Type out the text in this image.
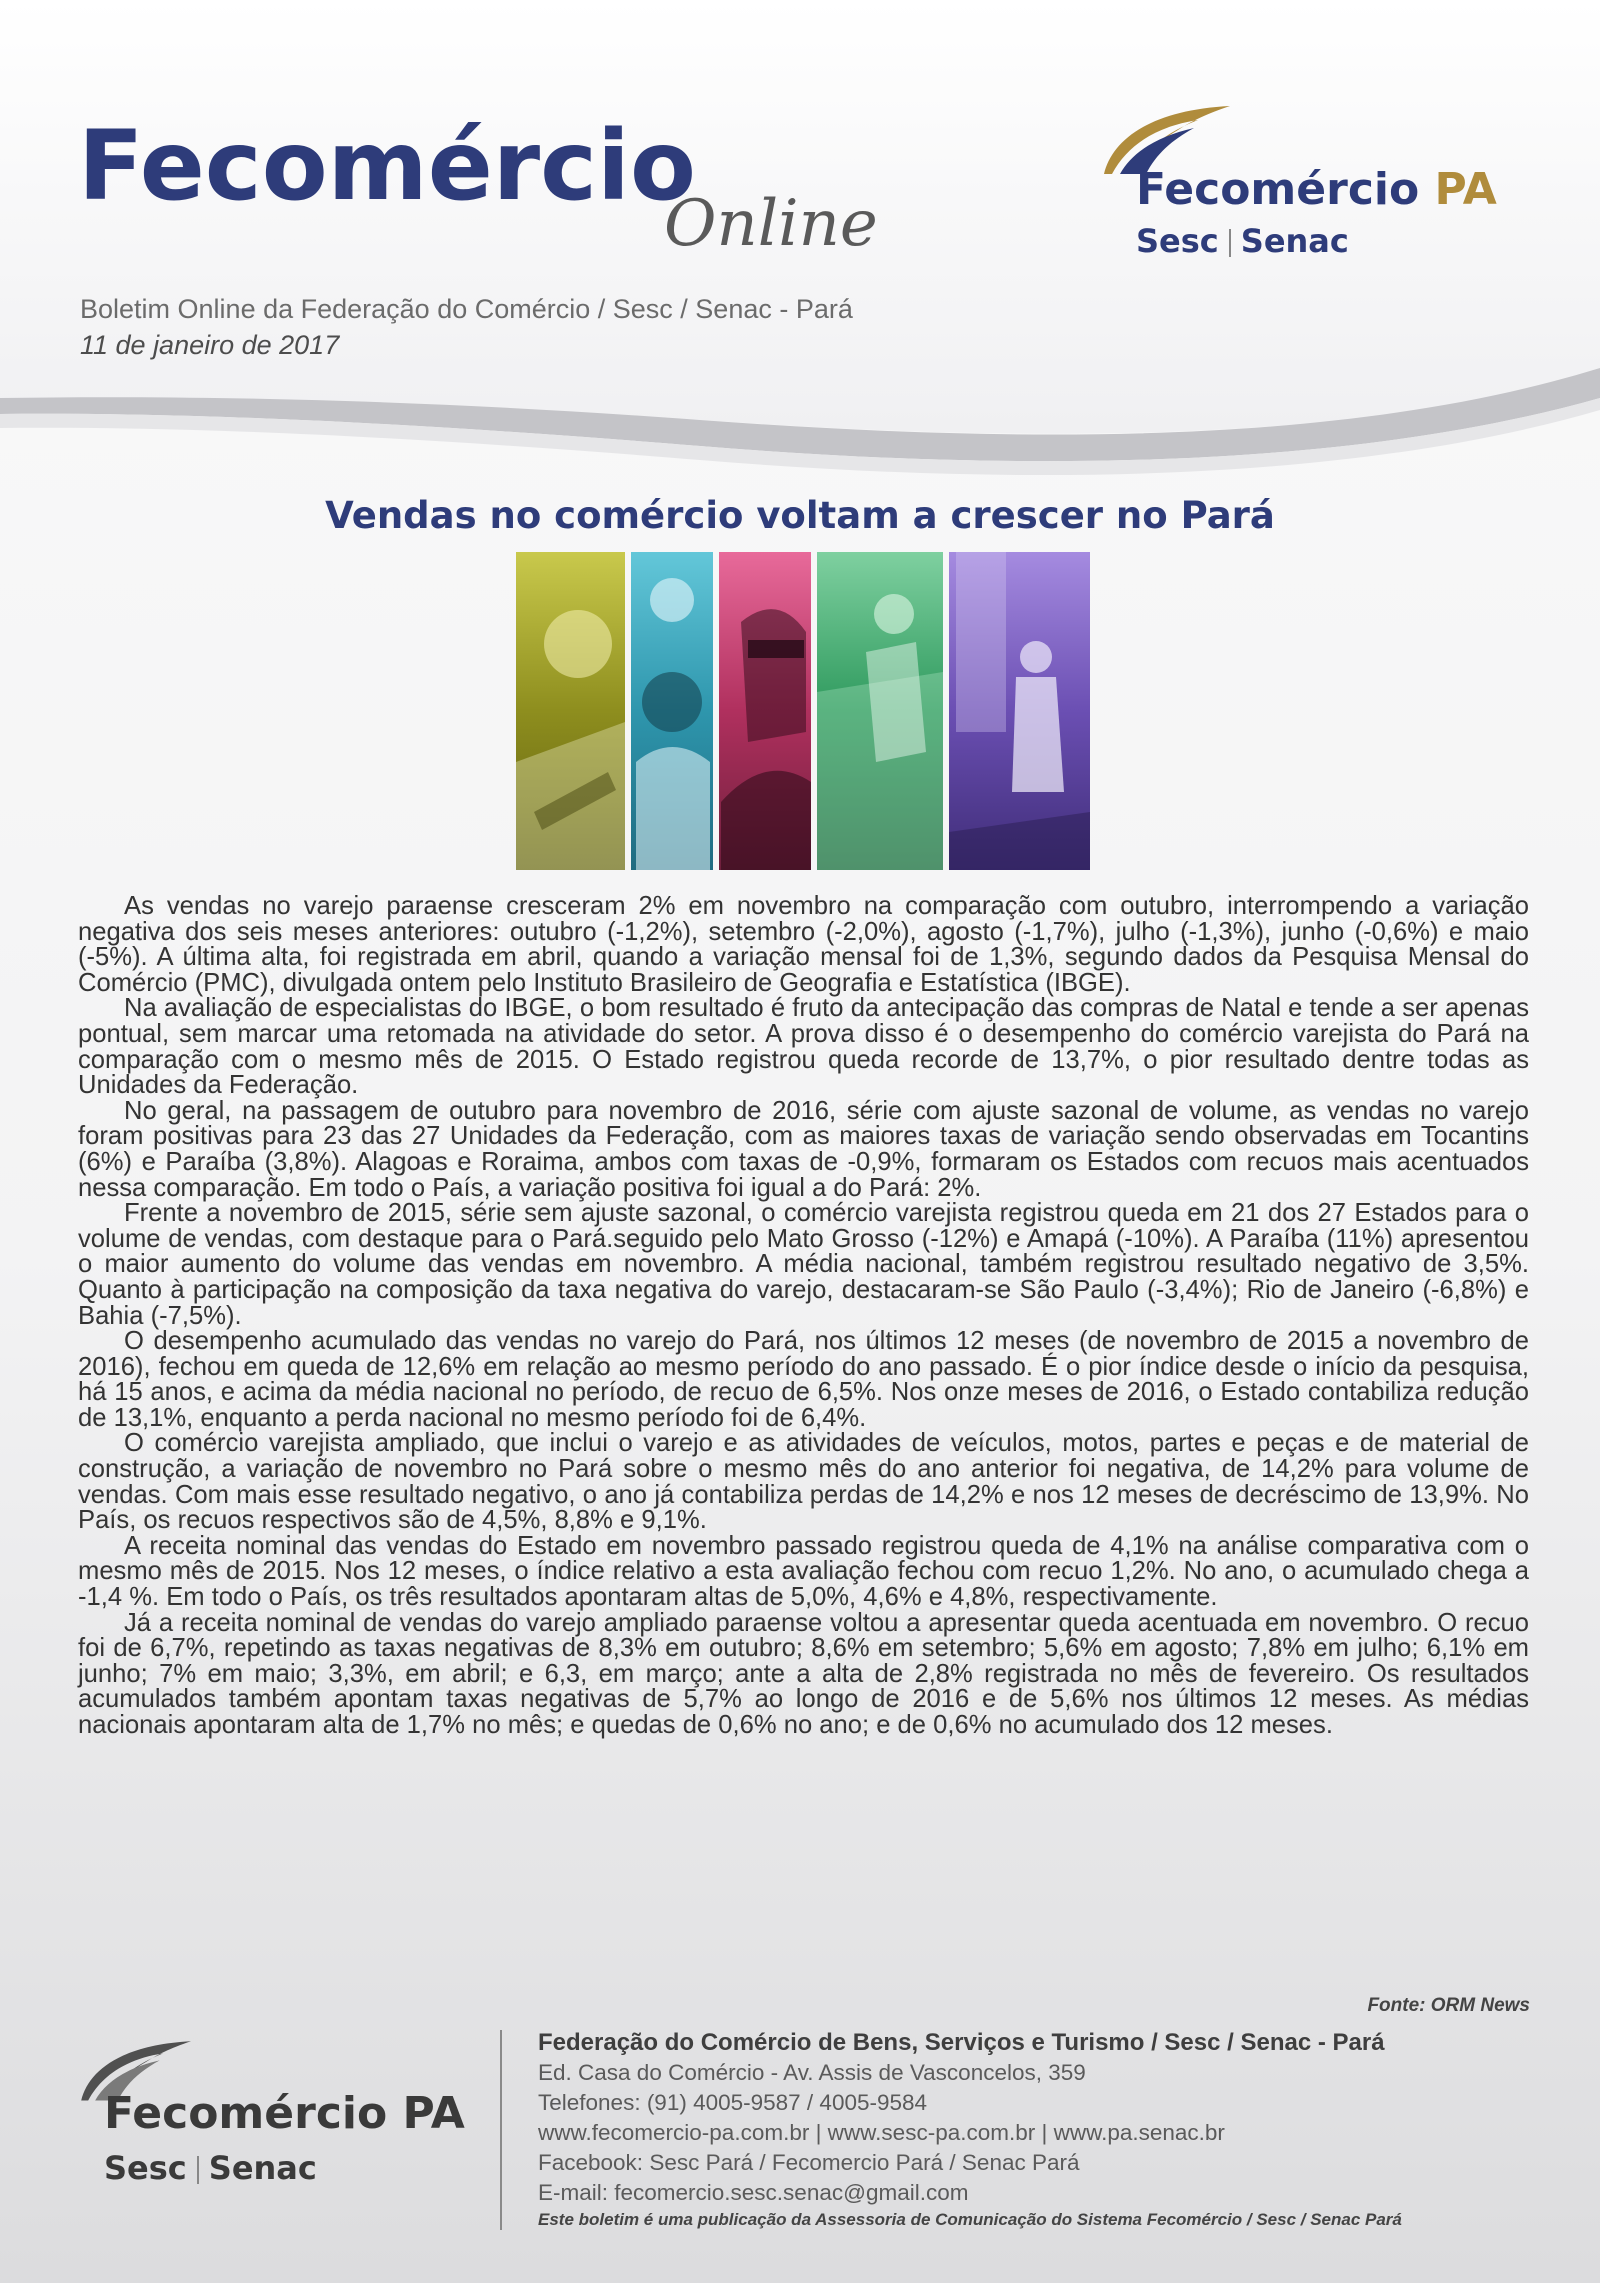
Fecomércio
Online
Boletim Online da Federação do Comércio / Sesc / Senac - Pará
11 de janeiro de 2017
Fecomércio PA
Sesc Senac
Vendas no comércio voltam a crescer no Pará

As vendas no varejo paraense cresceram 2% em novembro na comparação com outubro, interrompendo a variação negativa dos seis meses anteriores: outubro (-1,2%), setembro (-2,0%), agosto (-1,7%), julho (-1,3%), junho (-0,6%) e maio (-5%). A última alta, foi registrada em abril, quando a variação mensal foi de 1,3%, segundo dados da Pesquisa Mensal do Comércio (PMC), divulgada ontem pelo Instituto Brasileiro de Geografia e Estatística (IBGE).

Na avaliação de especialistas do IBGE, o bom resultado é fruto da antecipação das compras de Natal e tende a ser apenas pontual, sem marcar uma retomada na atividade do setor. A prova disso é o desempenho do comércio varejista do Pará na comparação com o mesmo mês de 2015. O Estado registrou queda recorde de 13,7%, o pior resultado dentre todas as Unidades da Federação.

No geral, na passagem de outubro para novembro de 2016, série com ajuste sazonal de volume, as vendas no varejo foram positivas para 23 das 27 Unidades da Federação, com as maiores taxas de variação sendo observadas em Tocantins (6%) e Paraíba (3,8%). Alagoas e Roraima, ambos com taxas de -0,9%, formaram os Estados com recuos mais acentuados nessa comparação. Em todo o País, a variação positiva foi igual a do Pará: 2%.

Frente a novembro de 2015, série sem ajuste sazonal, o comércio varejista registrou queda em 21 dos 27 Estados para o volume de vendas, com destaque para o Pará.seguido pelo Mato Grosso (-12%) e Amapá (-10%). A Paraíba (11%) apresentou o maior aumento do volume das vendas em novembro. A média nacional, também registrou resultado negativo de 3,5%. Quanto à participação na composição da taxa negativa do varejo, destacaram-se São Paulo (-3,4%); Rio de Janeiro (-6,8%) e Bahia (-7,5%).

O desempenho acumulado das vendas no varejo do Pará, nos últimos 12 meses (de novembro de 2015 a novembro de 2016), fechou em queda de 12,6% em relação ao mesmo período do ano passado. É o pior índice desde o início da pesquisa, há 15 anos, e acima da média nacional no período, de recuo de 6,5%. Nos onze meses de 2016, o Estado contabiliza redução de 13,1%, enquanto a perda nacional no mesmo período foi de 6,4%.

O comércio varejista ampliado, que inclui o varejo e as atividades de veículos, motos, partes e peças e de material de construção, a variação de novembro no Pará sobre o mesmo mês do ano anterior foi negativa, de 14,2% para volume de vendas. Com mais esse resultado negativo, o ano já contabiliza perdas de 14,2% e nos 12 meses de decréscimo de 13,9%. No País, os recuos respectivos são de 4,5%, 8,8% e 9,1%.

A receita nominal das vendas do Estado em novembro passado registrou queda de 4,1% na análise comparativa com o mesmo mês de 2015. Nos 12 meses, o índice relativo a esta avaliação fechou com recuo 1,2%. No ano, o acumulado chega a -1,4 %. Em todo o País, os três resultados apontaram altas de 5,0%, 4,6% e 4,8%, respectivamente.

Já a receita nominal de vendas do varejo ampliado paraense voltou a apresentar queda acentuada em novembro. O recuo foi de 6,7%, repetindo as taxas negativas de 8,3% em outubro; 8,6% em setembro; 5,6% em agosto; 7,8% em julho; 6,1% em junho; 7% em maio; 3,3%, em abril; e 6,3, em março; ante a alta de 2,8% registrada no mês de fevereiro. Os resultados acumulados também apontam taxas negativas de 5,7% ao longo de 2016 e de 5,6% nos últimos 12 meses. As médias nacionais apontaram alta de 1,7% no mês; e quedas de 0,6% no ano; e de 0,6% no acumulado dos 12 meses.

Fonte: ORM News
Fecomércio PA
Sesc Senac
Federação do Comércio de Bens, Serviços e Turismo / Sesc / Senac - Pará
Ed. Casa do Comércio - Av. Assis de Vasconcelos, 359
Telefones: (91) 4005-9587 / 4005-9584
www.fecomercio-pa.com.br | www.sesc-pa.com.br | www.pa.senac.br
Facebook: Sesc Pará / Fecomercio Pará / Senac Pará
E-mail: fecomercio.sesc.senac@gmail.com
Este boletim é uma publicação da Assessoria de Comunicação do Sistema Fecomércio / Sesc / Senac Pará
